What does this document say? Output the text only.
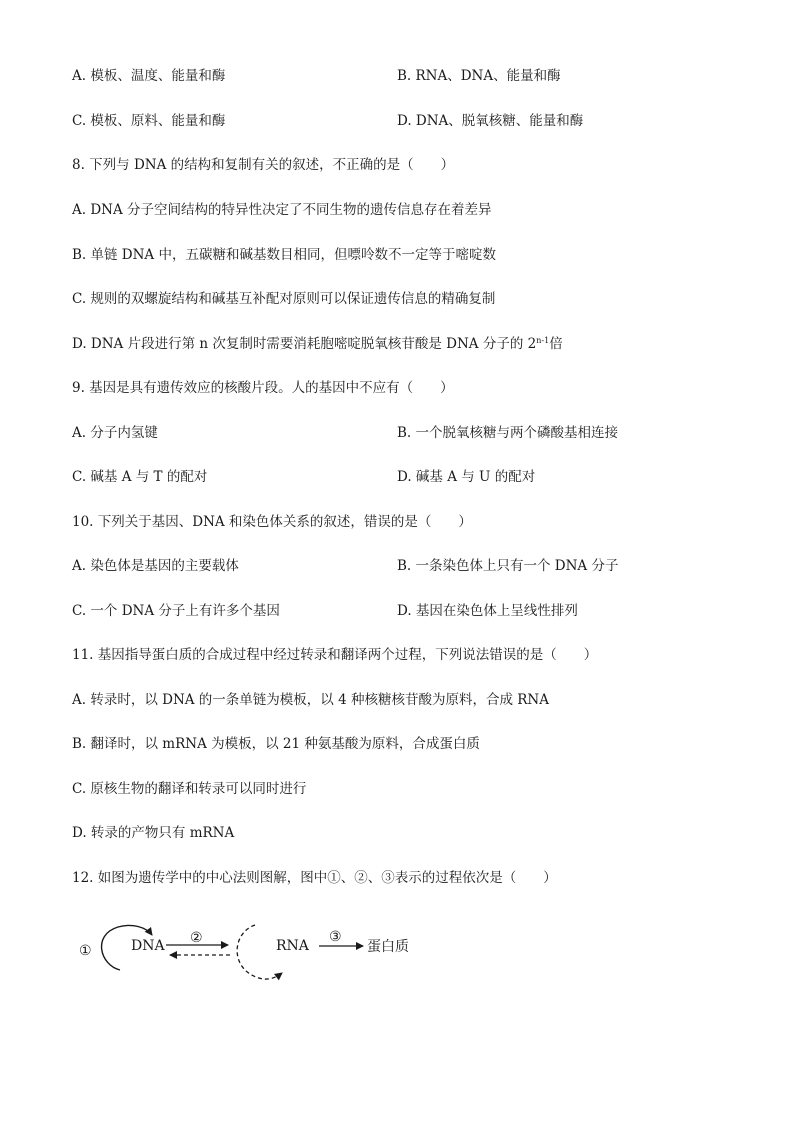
A. 模板、温度、能量和酶	B. RNA、DNA、能量和酶
C. 模板、原料、能量和酶	D. DNA、脱氧核糖、能量和酶
8. 下列与 DNA 的结构和复制有关的叙述，不正确的是（　　）
A. DNA 分子空间结构的特异性决定了不同生物的遗传信息存在着差异
B. 单链 DNA 中，五碳糖和碱基数目相同，但嘌呤数不一定等于嘧啶数
C. 规则的双螺旋结构和碱基互补配对原则可以保证遗传信息的精确复制
D. DNA 片段进行第 n 次复制时需要消耗胞嘧啶脱氧核苷酸是 DNA 分子的 2$^{n-1}$倍
9. 基因是具有遗传效应的核酸片段。人的基因中不应有（　　）
A. 分子内氢键	B. 一个脱氧核糖与两个磷酸基相连接
C. 碱基 A 与 T 的配对	D. 碱基 A 与 U 的配对
10. 下列关于基因、DNA 和染色体关系的叙述，错误的是（　　）
A. 染色体是基因的主要载体	B. 一条染色体上只有一个 DNA 分子
C. 一个 DNA 分子上有许多个基因	D. 基因在染色体上呈线性排列
11. 基因指导蛋白质的合成过程中经过转录和翻译两个过程，下列说法错误的是（　　）
A. 转录时，以 DNA 的一条单链为模板，以 4 种核糖核苷酸为原料，合成 RNA
B. 翻译时，以 mRNA 为模板，以 21 种氨基酸为原料，合成蛋白质
C. 原核生物的翻译和转录可以同时进行
D. 转录的产物只有 mRNA
12. 如图为遗传学中的中心法则图解，图中①、②、③表示的过程依次是（　　）
①	DNA ②	RNA
③
蛋白质
